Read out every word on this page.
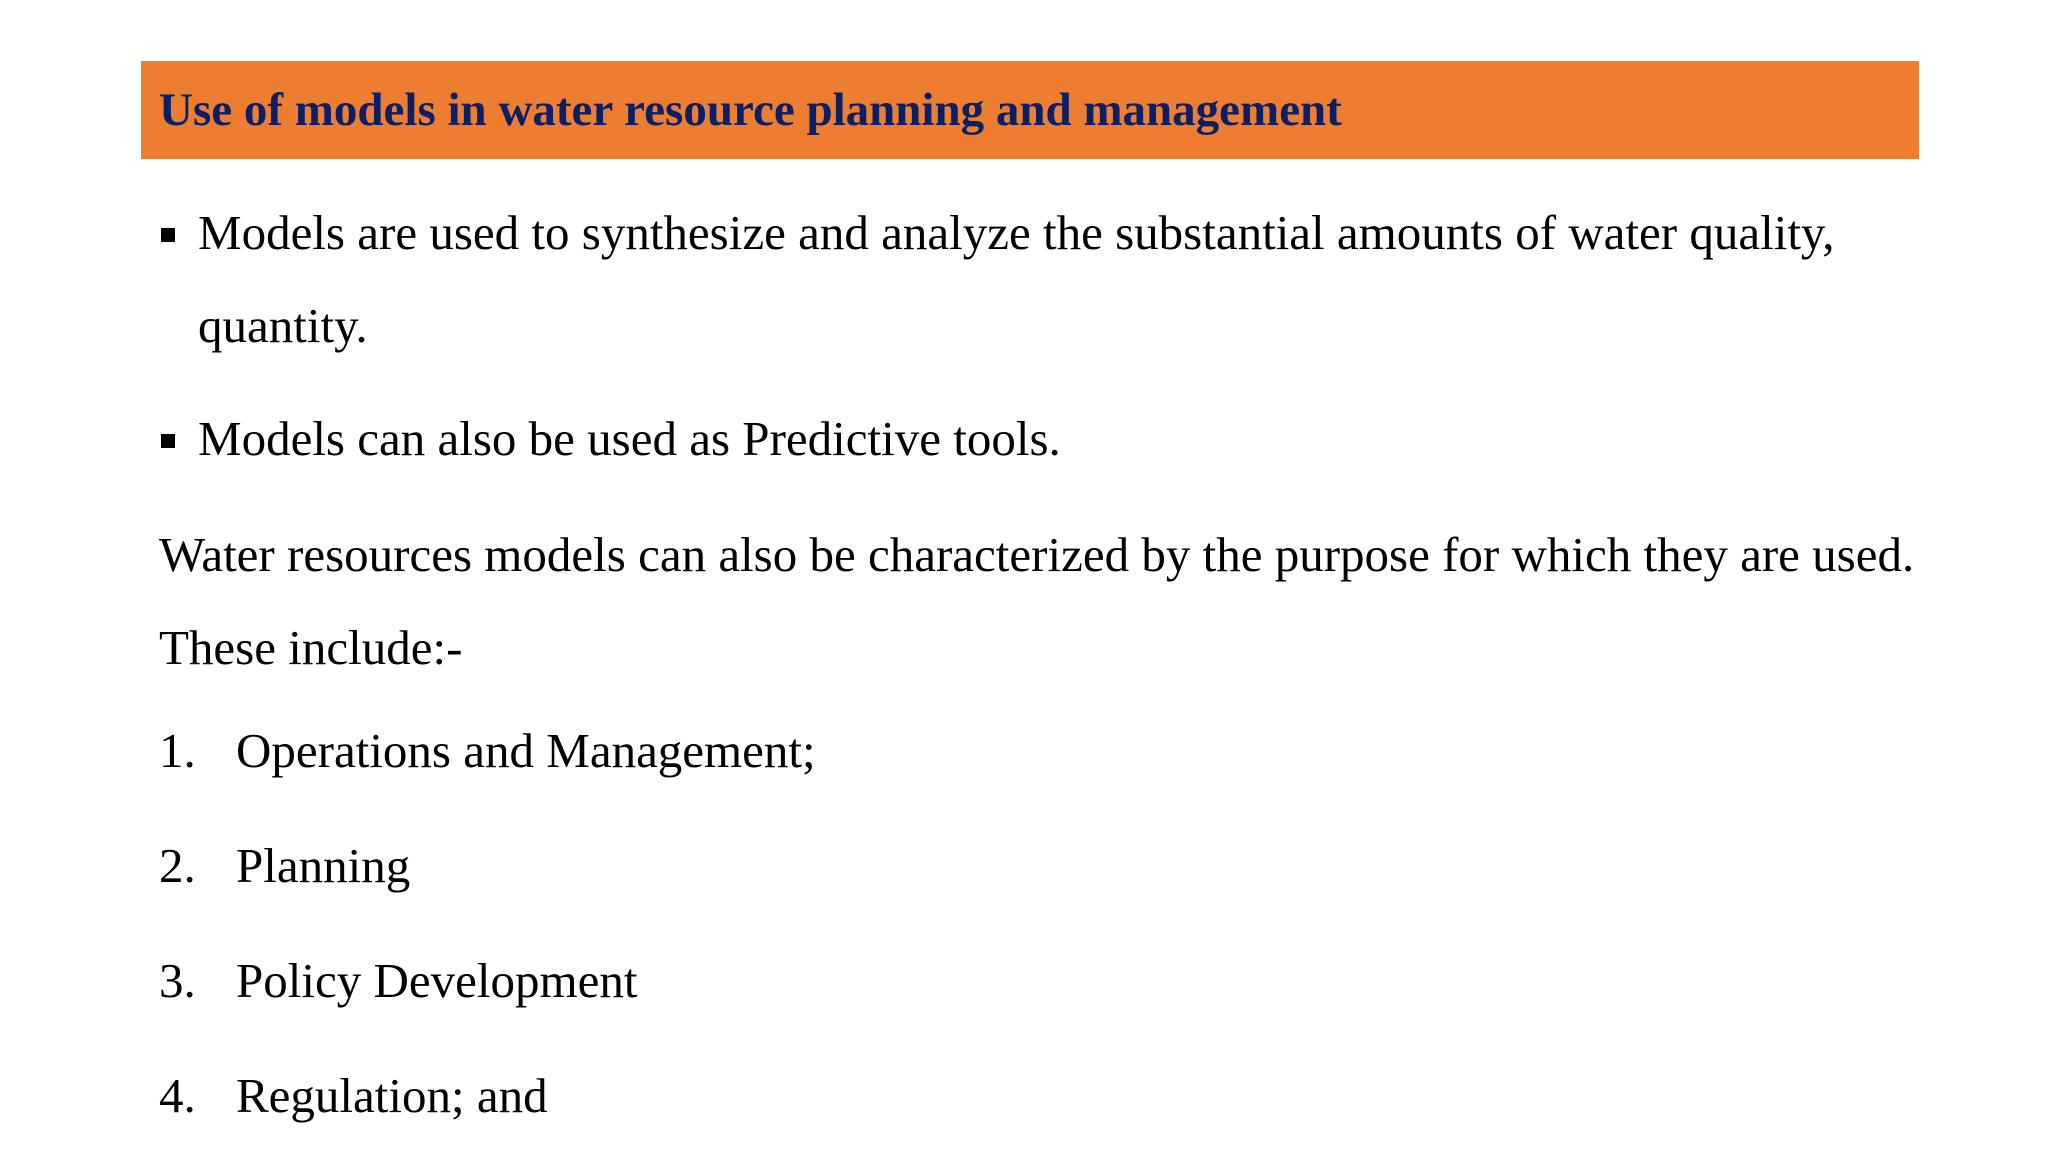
Use of models in water resource planning and management
Models are used to synthesize and analyze the substantial amounts of water quality, quantity.
Models can also be used as Predictive tools.
Water resources models can also be characterized by the purpose for which they are used. These include:-
1. Operations and Management;
2. Planning
3. Policy Development
4. Regulation; and
